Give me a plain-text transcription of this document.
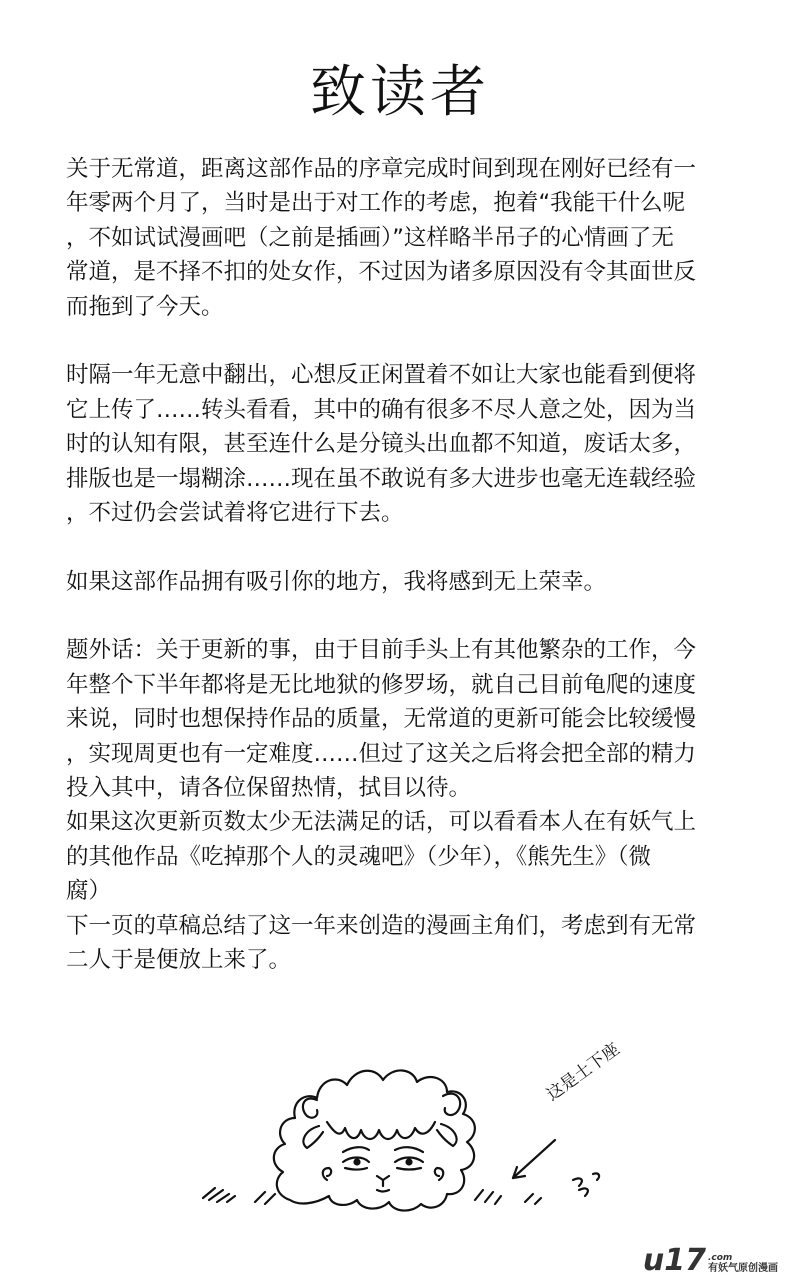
致读者
关于无常道，距离这部作品的序章完成时间到现在刚好已经有一
年零两个月了，当时是出于对工作的考虑，抱着“我能干什么呢
，不如试试漫画吧（之前是插画）”这样略半吊子的心情画了无
常道，是不择不扣的处女作，不过因为诸多原因没有令其面世反
而拖到了今天。
时隔一年无意中翻出，心想反正闲置着不如让大家也能看到便将
它上传了……转头看看，其中的确有很多不尽人意之处，因为当
时的认知有限，甚至连什么是分镜头出血都不知道，废话太多，
排版也是一塌糊涂……现在虽不敢说有多大进步也毫无连载经验
，不过仍会尝试着将它进行下去。
如果这部作品拥有吸引你的地方，我将感到无上荣幸。
题外话：关于更新的事，由于目前手头上有其他繁杂的工作，今
年整个下半年都将是无比地狱的修罗场，就自己目前龟爬的速度
来说，同时也想保持作品的质量，无常道的更新可能会比较缓慢
，实现周更也有一定难度……但过了这关之后将会把全部的精力
投入其中，请各位保留热情，拭目以待。
如果这次更新页数太少无法满足的话，可以看看本人在有妖气上
的其他作品《吃掉那个人的灵魂吧》（少年），《熊先生》（微
腐）
下一页的草稿总结了这一年来创造的漫画主角们，考虑到有无常
二人于是便放上来了。
这是土下座
u17 .com
有妖气原创漫画
